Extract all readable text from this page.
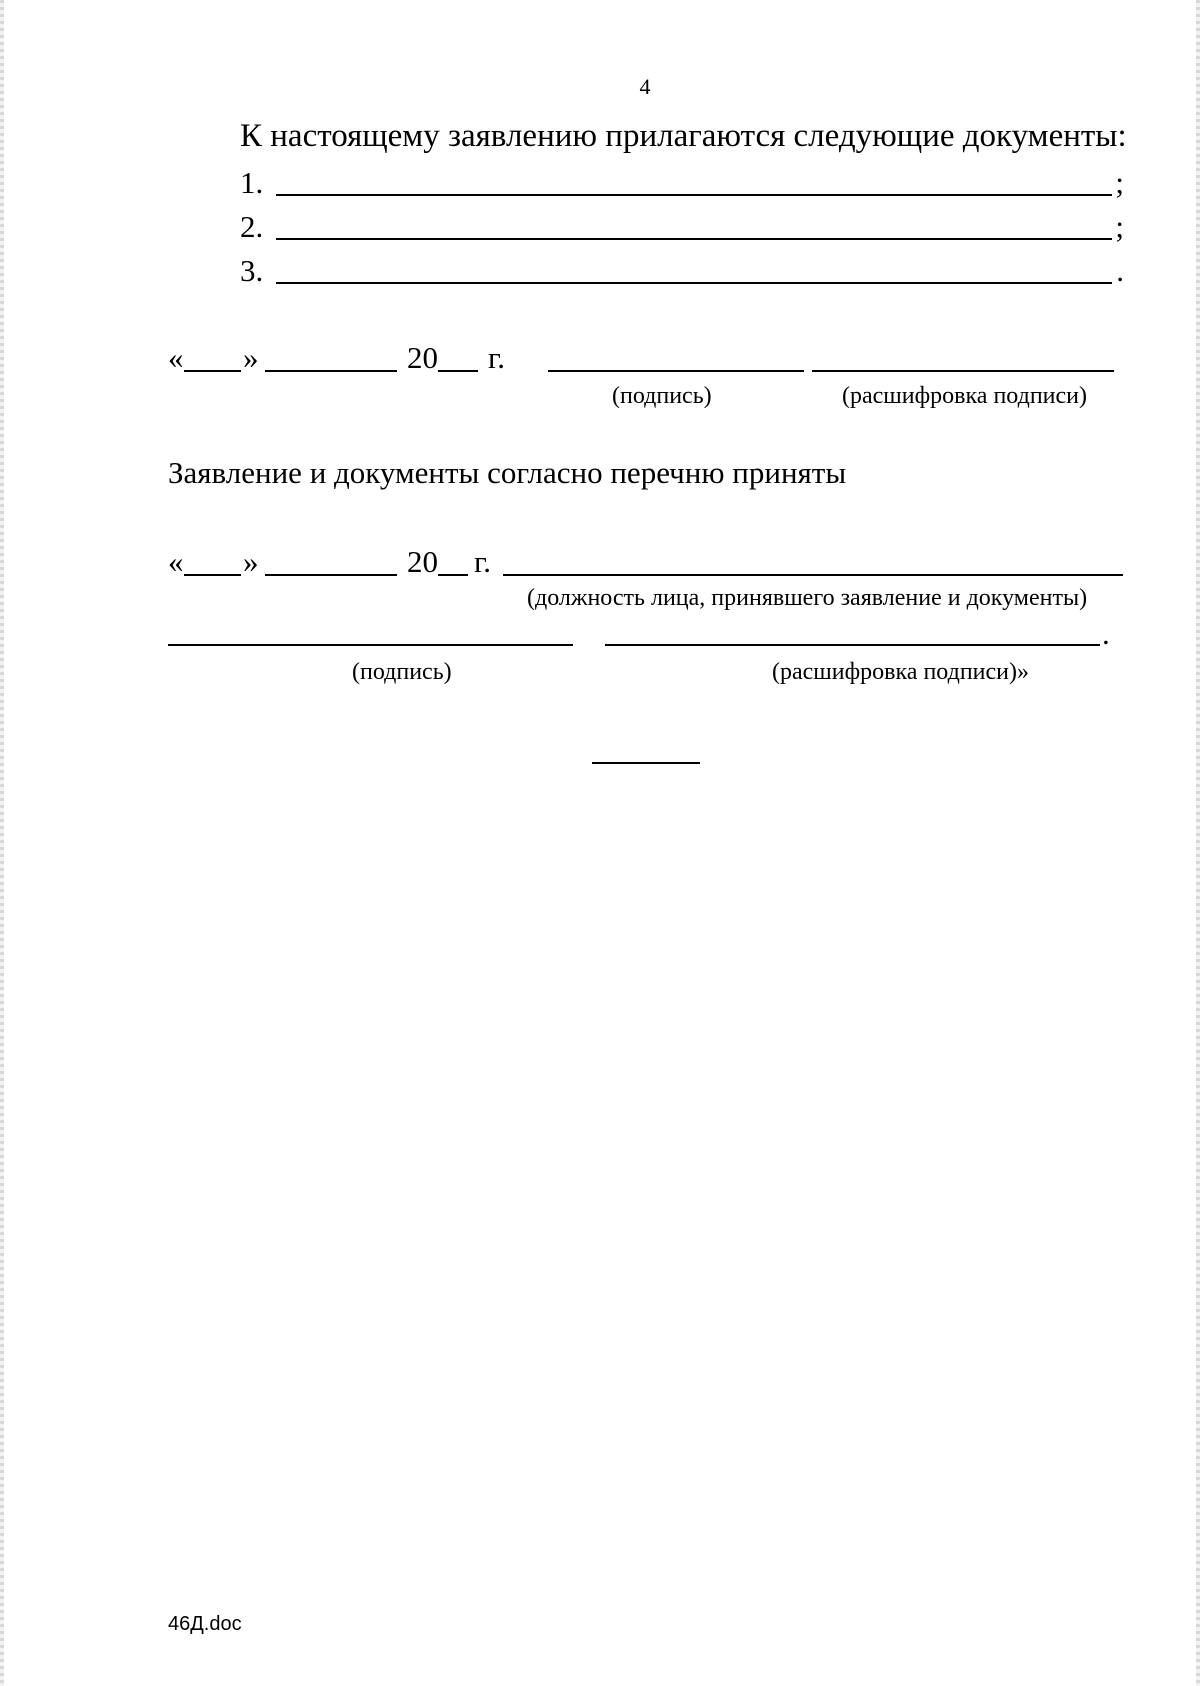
4
К настоящему заявлению прилагаются следующие документы:
1.	;
2.	;
3.	.
« »	20 г.
(подпись)	(расшифровка подписи)
Заявление и документы согласно перечню приняты
« »	20 г.
(должность лица, принявшего заявление и документы)
.
(подпись)	(расшифровка подписи)»
46Д.doc
